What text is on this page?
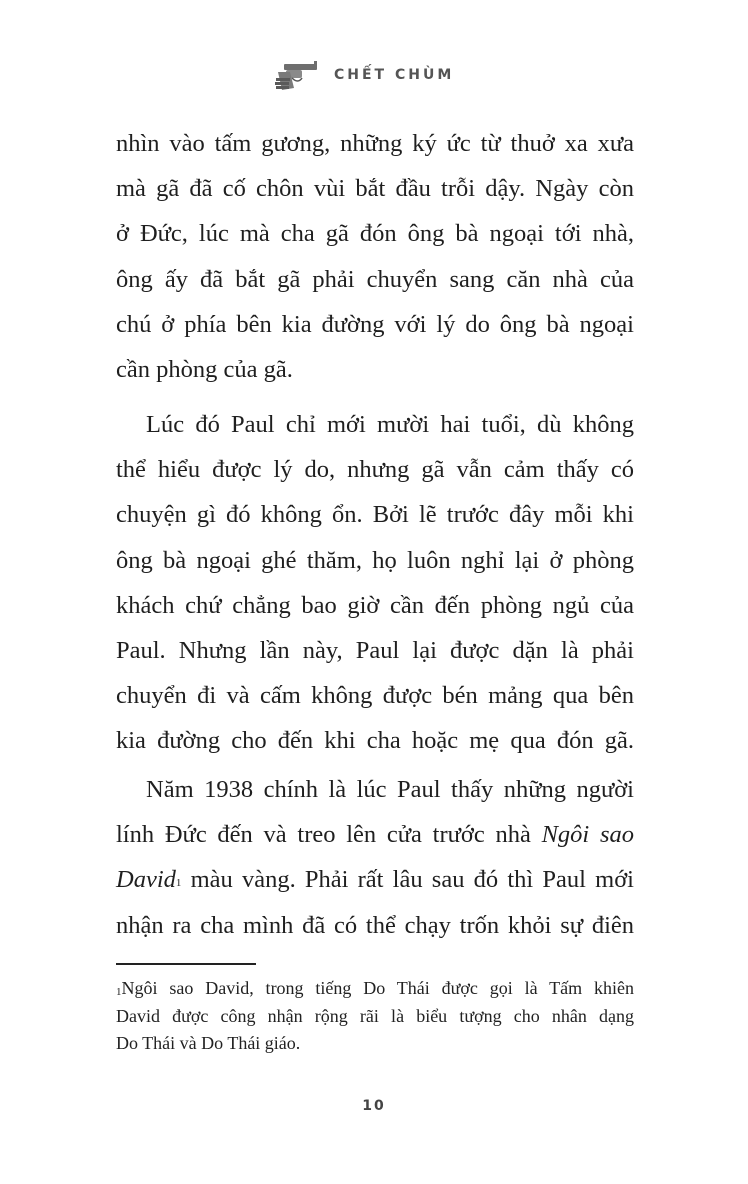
CHẾT CHÙM
nhìn vào tấm gương, những ký ức từ thuở xa xưa
mà gã đã cố chôn vùi bắt đầu trỗi dậy. Ngày còn
ở Đức, lúc mà cha gã đón ông bà ngoại tới nhà,
ông ấy đã bắt gã phải chuyển sang căn nhà của
chú ở phía bên kia đường với lý do ông bà ngoại
cần phòng của gã.
Lúc đó Paul chỉ mới mười hai tuổi, dù không
thể hiểu được lý do, nhưng gã vẫn cảm thấy có
chuyện gì đó không ổn. Bởi lẽ trước đây mỗi khi
ông bà ngoại ghé thăm, họ luôn nghỉ lại ở phòng
khách chứ chẳng bao giờ cần đến phòng ngủ của
Paul. Nhưng lần này, Paul lại được dặn là phải
chuyển đi và cấm không được bén mảng qua bên
kia đường cho đến khi cha hoặc mẹ qua đón gã.
Năm 1938 chính là lúc Paul thấy những người
lính Đức đến và treo lên cửa trước nhà Ngôi sao
David$^1$ màu vàng. Phải rất lâu sau đó thì Paul mới
nhận ra cha mình đã có thể chạy trốn khỏi sự điên
$^1$Ngôi sao David, trong tiếng Do Thái được gọi là Tấm khiên
David được công nhận rộng rãi là biểu tượng cho nhân dạng
Do Thái và Do Thái giáo.
10
